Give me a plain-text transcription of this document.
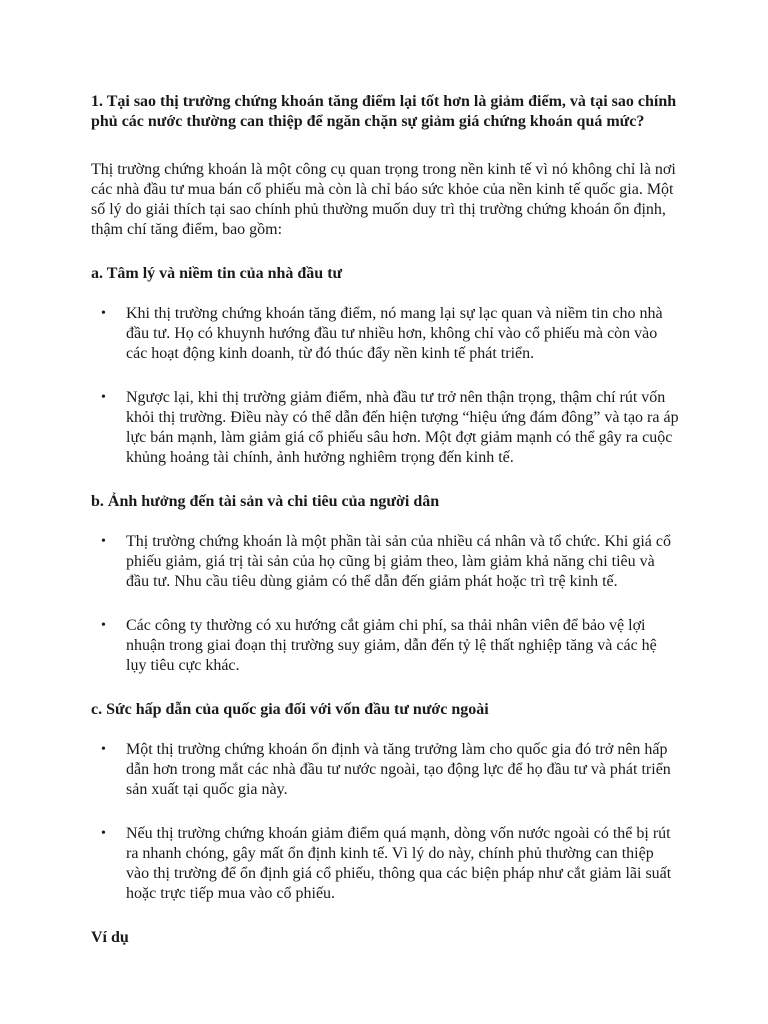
1. Tại sao thị trường chứng khoán tăng điểm lại tốt hơn là giảm điểm, và tại sao chính phủ các nước thường can thiệp để ngăn chặn sự giảm giá chứng khoán quá mức?

Thị trường chứng khoán là một công cụ quan trọng trong nền kinh tế vì nó không chỉ là nơi các nhà đầu tư mua bán cổ phiếu mà còn là chỉ báo sức khỏe của nền kinh tế quốc gia. Một số lý do giải thích tại sao chính phủ thường muốn duy trì thị trường chứng khoán ổn định, thậm chí tăng điểm, bao gồm:

a. Tâm lý và niềm tin của nhà đầu tư

• Khi thị trường chứng khoán tăng điểm, nó mang lại sự lạc quan và niềm tin cho nhà đầu tư. Họ có khuynh hướng đầu tư nhiều hơn, không chỉ vào cổ phiếu mà còn vào các hoạt động kinh doanh, từ đó thúc đẩy nền kinh tế phát triển.
• Ngược lại, khi thị trường giảm điểm, nhà đầu tư trở nên thận trọng, thậm chí rút vốn khỏi thị trường. Điều này có thể dẫn đến hiện tượng “hiệu ứng đám đông” và tạo ra áp lực bán mạnh, làm giảm giá cổ phiếu sâu hơn. Một đợt giảm mạnh có thể gây ra cuộc khủng hoảng tài chính, ảnh hưởng nghiêm trọng đến kinh tế.

b. Ảnh hưởng đến tài sản và chi tiêu của người dân

• Thị trường chứng khoán là một phần tài sản của nhiều cá nhân và tổ chức. Khi giá cổ phiếu giảm, giá trị tài sản của họ cũng bị giảm theo, làm giảm khả năng chi tiêu và đầu tư. Nhu cầu tiêu dùng giảm có thể dẫn đến giảm phát hoặc trì trệ kinh tế.
• Các công ty thường có xu hướng cắt giảm chi phí, sa thải nhân viên để bảo vệ lợi nhuận trong giai đoạn thị trường suy giảm, dẫn đến tỷ lệ thất nghiệp tăng và các hệ lụy tiêu cực khác.

c. Sức hấp dẫn của quốc gia đối với vốn đầu tư nước ngoài

• Một thị trường chứng khoán ổn định và tăng trưởng làm cho quốc gia đó trở nên hấp dẫn hơn trong mắt các nhà đầu tư nước ngoài, tạo động lực để họ đầu tư và phát triển sản xuất tại quốc gia này.
• Nếu thị trường chứng khoán giảm điểm quá mạnh, dòng vốn nước ngoài có thể bị rút ra nhanh chóng, gây mất ổn định kinh tế. Vì lý do này, chính phủ thường can thiệp vào thị trường để ổn định giá cổ phiếu, thông qua các biện pháp như cắt giảm lãi suất hoặc trực tiếp mua vào cổ phiếu.

Ví dụ
